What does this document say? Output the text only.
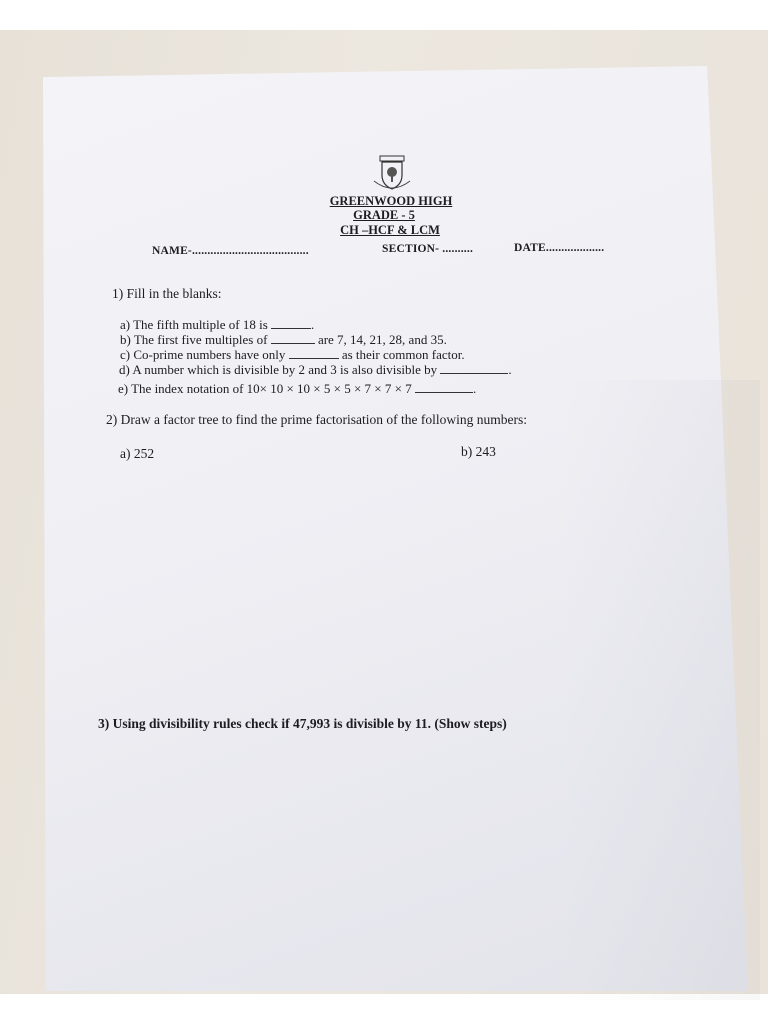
GREENWOOD HIGH
GRADE - 5
CH –HCF & LCM
NAME-......................................	SECTION- ..........	DATE...................
1) Fill in the blanks:
a) The fifth multiple of 18 is	.
b) The first five multiples of	are 7, 14, 21, 28, and 35.
c) Co-prime numbers have only	as their common factor.
d) A number which is divisible by 2 and 3 is also divisible by	.
e) The index notation of 10× 10 × 10 × 5 × 5 × 7 × 7 × 7	.
2) Draw a factor tree to find the prime factorisation of the following numbers:
a) 252	b) 243
3) Using divisibility rules check if 47,993 is divisible by 11. (Show steps)
